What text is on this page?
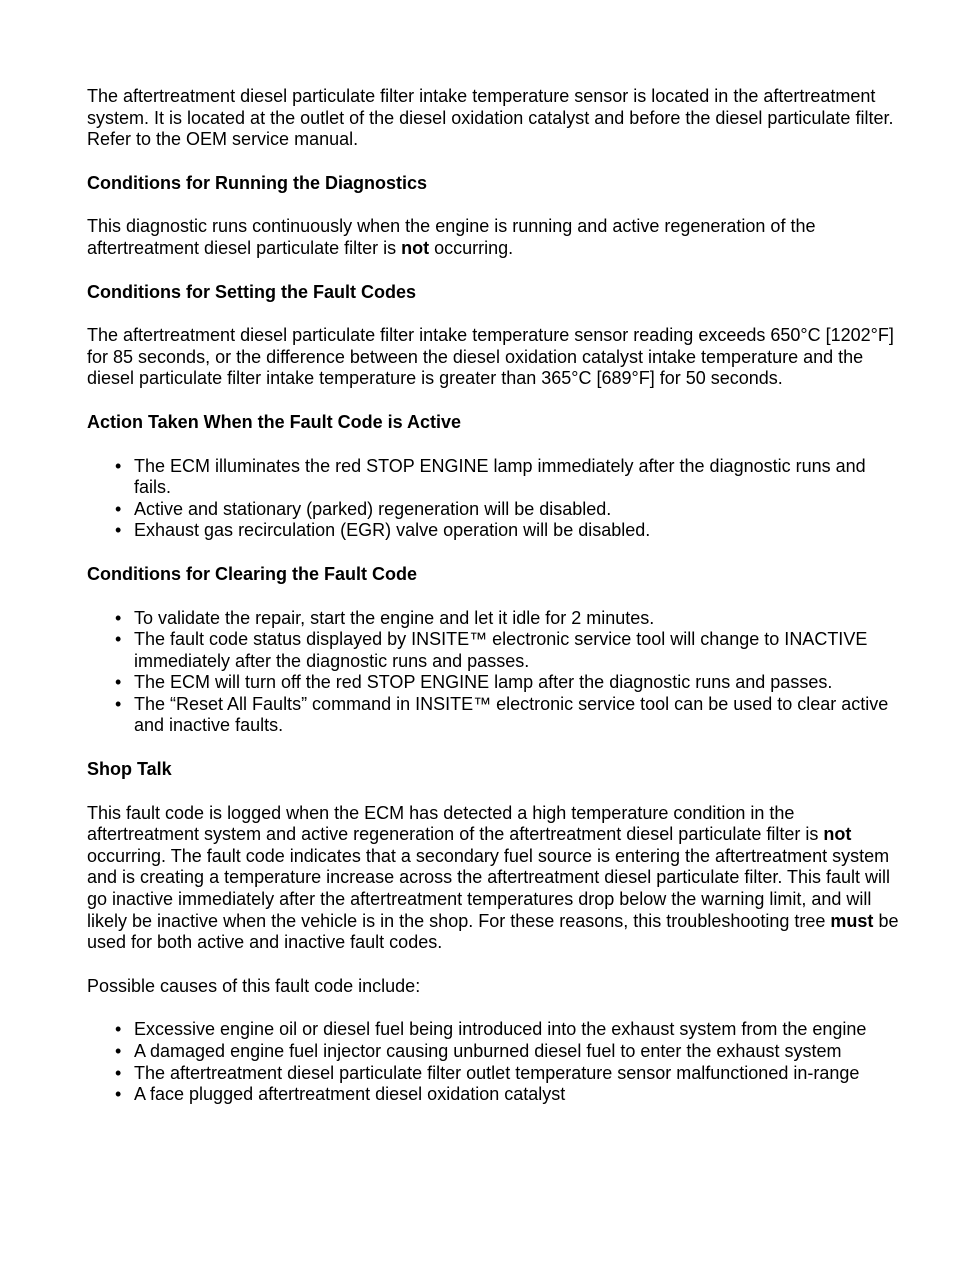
The aftertreatment diesel particulate filter intake temperature sensor is located in the aftertreatment system. It is located at the outlet of the diesel oxidation catalyst and before the diesel particulate filter. Refer to the OEM service manual.

Conditions for Running the Diagnostics

This diagnostic runs continuously when the engine is running and active regeneration of the aftertreatment diesel particulate filter is not occurring.

Conditions for Setting the Fault Codes

The aftertreatment diesel particulate filter intake temperature sensor reading exceeds 650°C [1202°F] for 85 seconds, or the difference between the diesel oxidation catalyst intake temperature and the diesel particulate filter intake temperature is greater than 365°C [689°F] for 50 seconds.

Action Taken When the Fault Code is Active
• The ECM illuminates the red STOP ENGINE lamp immediately after the diagnostic runs and fails.
• Active and stationary (parked) regeneration will be disabled.
• Exhaust gas recirculation (EGR) valve operation will be disabled.
Conditions for Clearing the Fault Code
• To validate the repair, start the engine and let it idle for 2 minutes.
• The fault code status displayed by INSITE™ electronic service tool will change to INACTIVE immediately after the diagnostic runs and passes.
• The ECM will turn off the red STOP ENGINE lamp after the diagnostic runs and passes.
• The “Reset All Faults” command in INSITE™ electronic service tool can be used to clear active and inactive faults.
Shop Talk

This fault code is logged when the ECM has detected a high temperature condition in the aftertreatment system and active regeneration of the aftertreatment diesel particulate filter is not occurring. The fault code indicates that a secondary fuel source is entering the aftertreatment system and is creating a temperature increase across the aftertreatment diesel particulate filter. This fault will go inactive immediately after the aftertreatment temperatures drop below the warning limit, and will likely be inactive when the vehicle is in the shop. For these reasons, this troubleshooting tree must be used for both active and inactive fault codes.

Possible causes of this fault code include:

• Excessive engine oil or diesel fuel being introduced into the exhaust system from the engine
• A damaged engine fuel injector causing unburned diesel fuel to enter the exhaust system
• The aftertreatment diesel particulate filter outlet temperature sensor malfunctioned in-range
• A face plugged aftertreatment diesel oxidation catalyst
